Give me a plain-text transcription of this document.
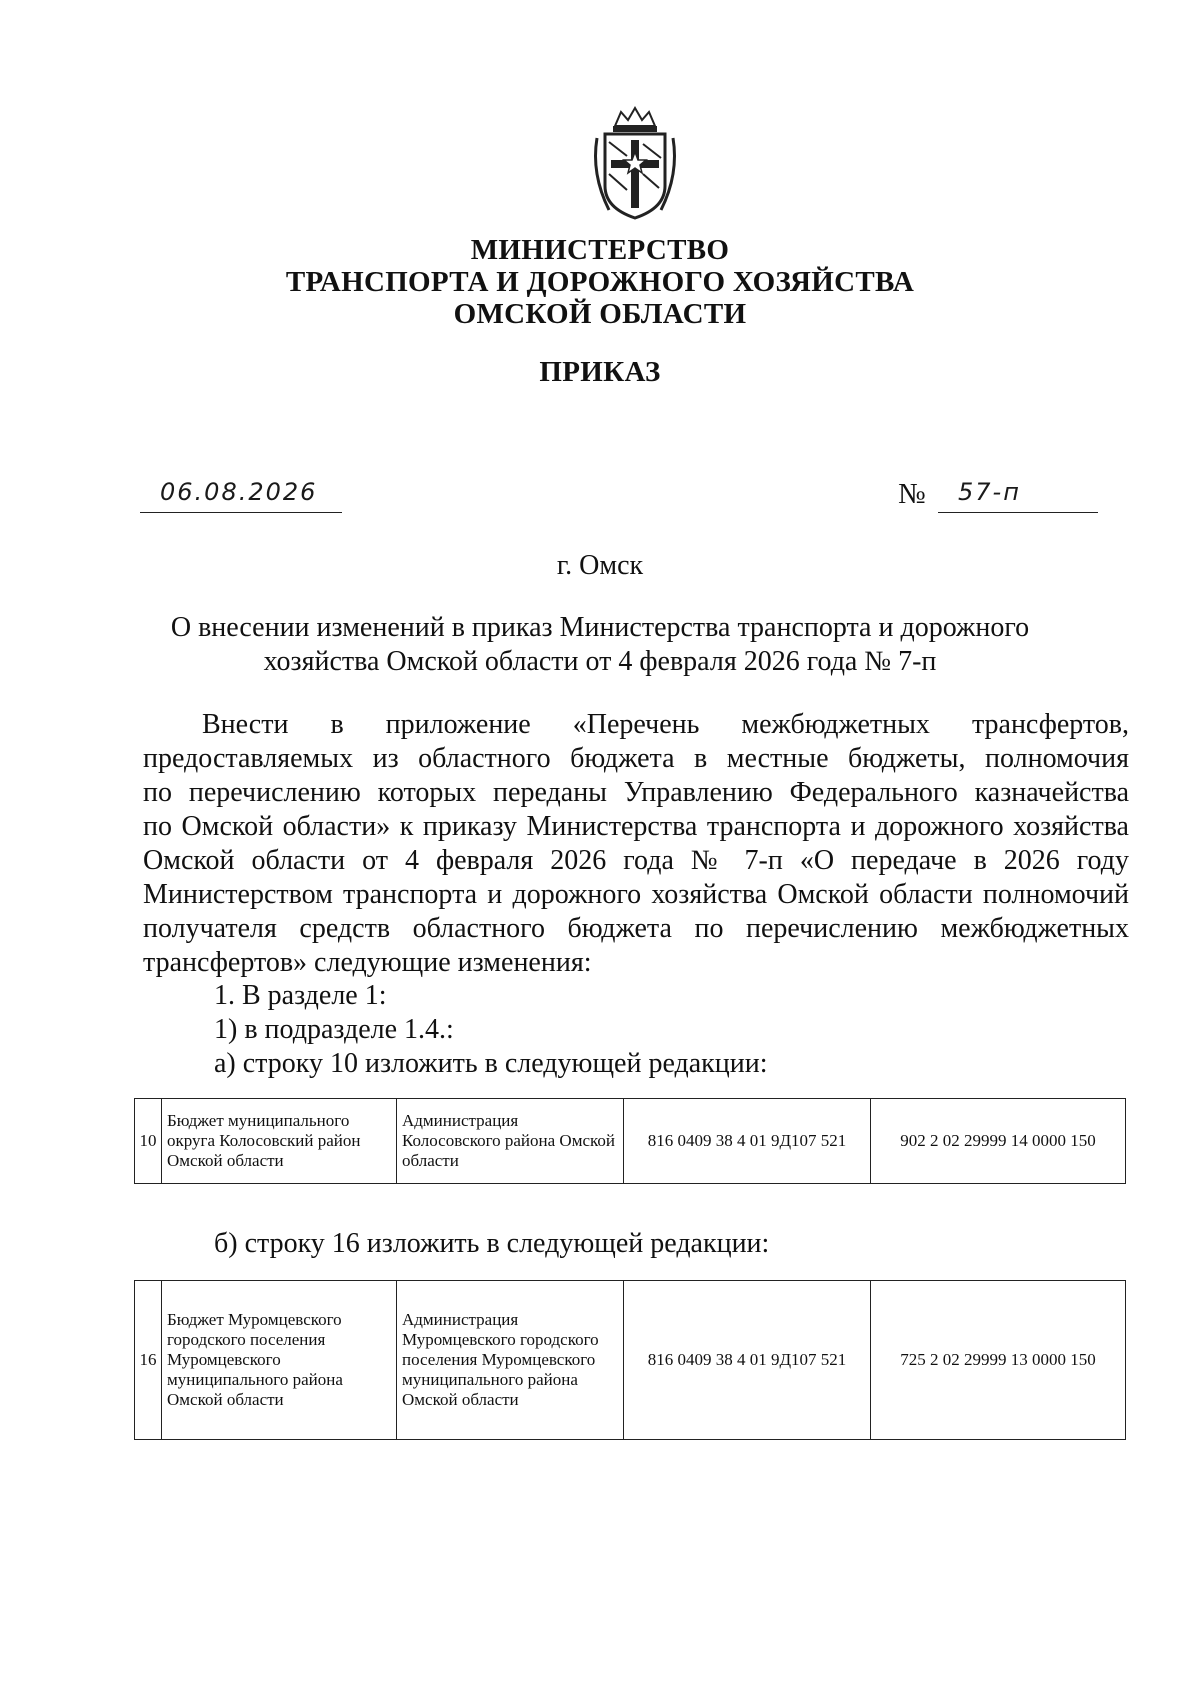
МИНИСТЕРСТВО
ТРАНСПОРТА И ДОРОЖНОГО ХОЗЯЙСТВА
ОМСКОЙ ОБЛАСТИ
ПРИКАЗ
06.08.2026	№ 57-п
г. Омск
О внесении изменений в приказ Министерства транспорта и дорожного
хозяйства Омской области от 4 февраля 2026 года № 7-п
Внести в приложение «Перечень межбюджетных трансфертов,
предоставляемых из областного бюджета в местные бюджеты, полномочия
по перечислению которых переданы Управлению Федерального казначейства
по Омской области» к приказу Министерства транспорта и дорожного хозяйства
Омской области от 4 февраля 2026 года № 7-п «О передаче в 2026 году
Министерством транспорта и дорожного хозяйства Омской области полномочий
получателя средств областного бюджета по перечислению межбюджетных
трансфертов» следующие изменения:
1. В разделе 1:
1) в подразделе 1.4.:
а) строку 10 изложить в следующей редакции:
10	Бюджет муниципального округа Колосовский район Омской области	Администрация Колосовского района Омской области	816 0409 38 4 01 9Д107 521	902 2 02 29999 14 0000 150
б) строку 16 изложить в следующей редакции:
16	Бюджет Муромцевского городского поселения Муромцевского муниципального района Омской области	Администрация Муромцевского городского поселения Муромцевского муниципального района Омской области	816 0409 38 4 01 9Д107 521	725 2 02 29999 13 0000 150
